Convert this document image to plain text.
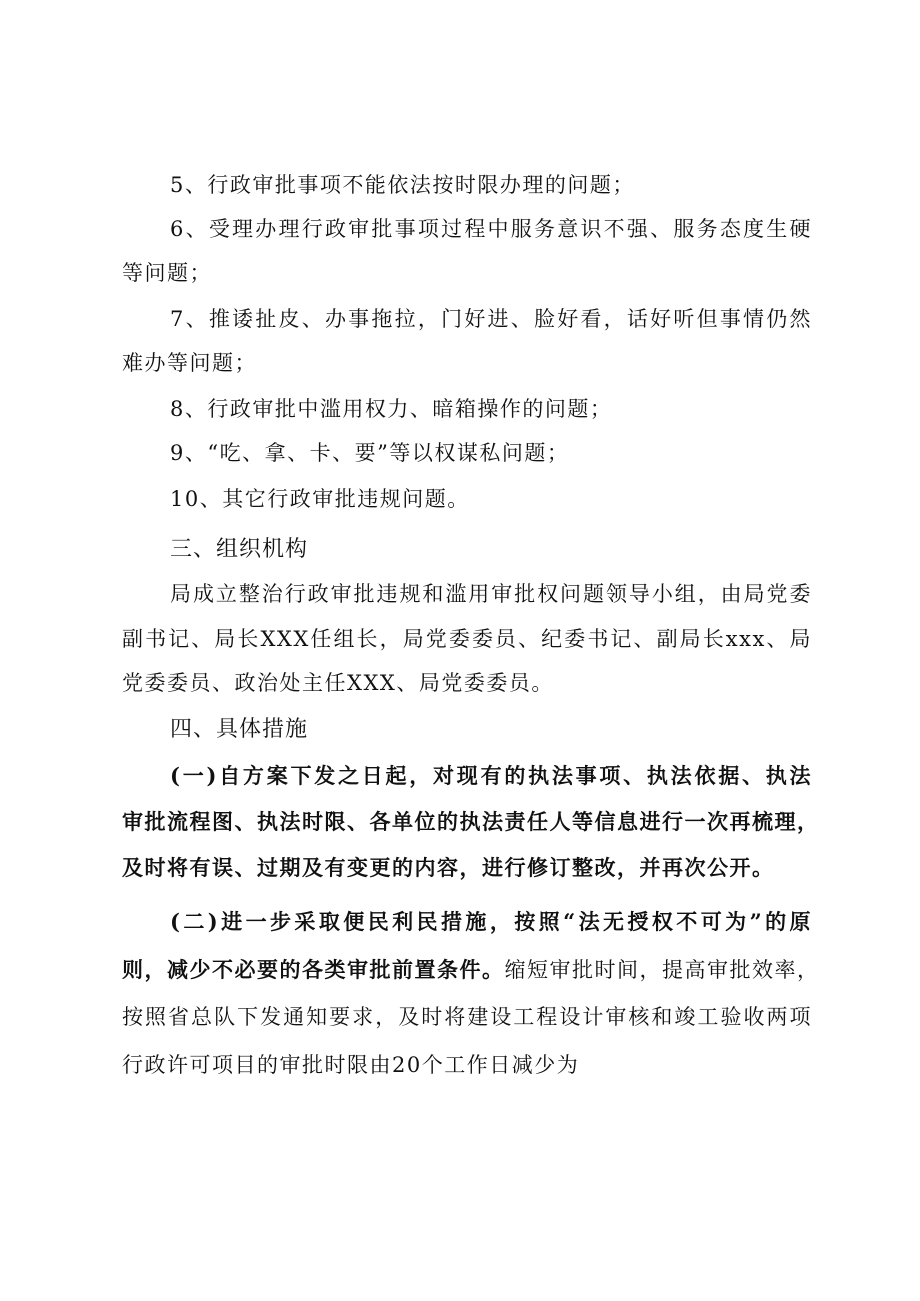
5、行政审批事项不能依法按时限办理的问题；
6、受理办理行政审批事项过程中服务意识不强、服务态度生硬
等问题；
7、推诿扯皮、办事拖拉，门好进、脸好看，话好听但事情仍然
难办等问题；
8、行政审批中滥用权力、暗箱操作的问题；
9、“吃、拿、卡、要”等以权谋私问题；
10、其它行政审批违规问题。
三、组织机构
局成立整治行政审批违规和滥用审批权问题领导小组，由局党委
副书记、局长XXX任组长，局党委委员、纪委书记、副局长xxx、局
党委委员、政治处主任XXX、局党委委员。
四、具体措施
(一)自方案下发之日起，对现有的执法事项、执法依据、执法
审批流程图、执法时限、各单位的执法责任人等信息进行一次再梳理，
及时将有误、过期及有变更的内容，进行修订整改，并再次公开。
(二)进一步采取便民利民措施，按照“法无授权不可为”的原
则，减少不必要的各类审批前置条件。缩短审批时间，提高审批效率，
按照省总队下发通知要求，及时将建设工程设计审核和竣工验收两项
行政许可项目的审批时限由20个工作日减少为
